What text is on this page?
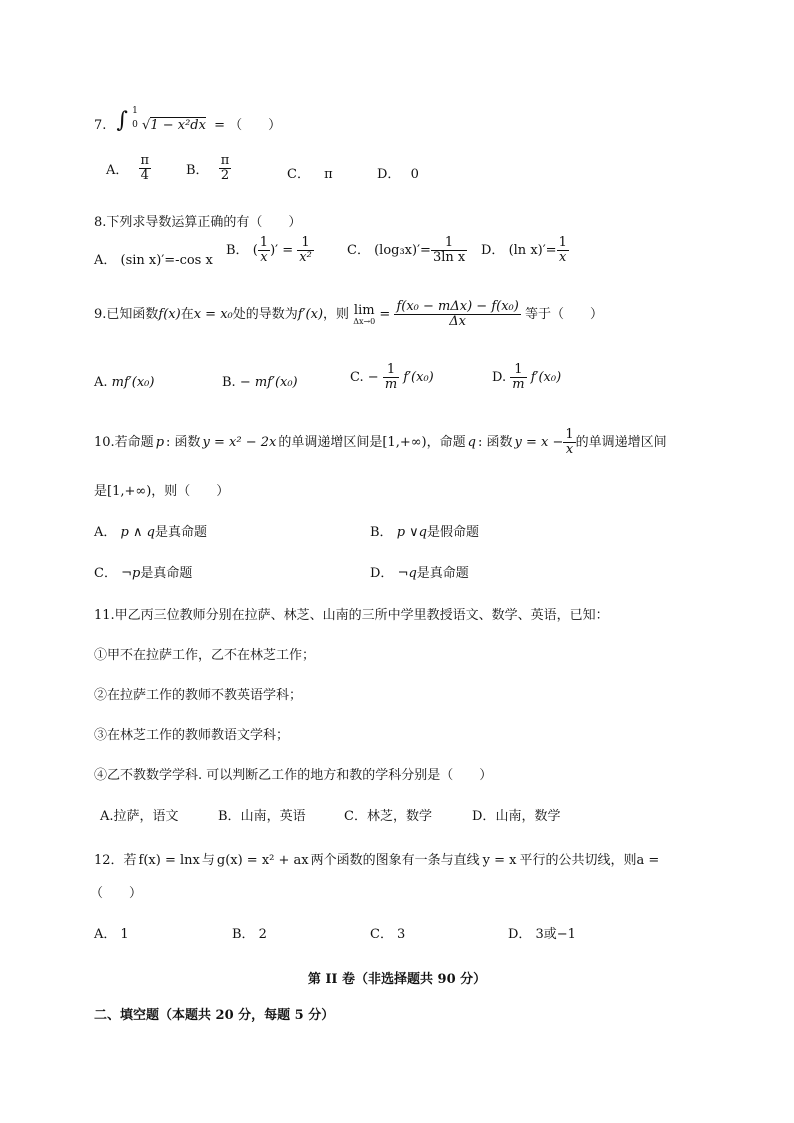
7. ∫ 1
0 √1 − x²dx = （　　）
A． $\frac{\pi}{4}$	B． $\frac{\pi}{2}$	C． π	D． 0
8.下列求导数运算正确的有（　　）
A． (sin x)′=-cos x
B． ( $\frac{1}{x}$ )′ = $\frac{1}{\text{x²}}$	C． $(\log_3x)'= \frac{1}{\text{3ln x}}$ D． (ln $x)'= \frac{1}{x}$
9.已知函数f(x)在x = x₀处的导数为f′(x)，则 lim
$\Delta x\to 0 = \frac{\text{f(x₀ − mΔx) − f(x₀)}}{\Delta x}$ 等于（　　）
A. mf′(x₀)	B. − mf′(x₀)	C. − $\frac{1}{m} f'(x_0)$	D. $\frac{1}{m} f'(x_0)$
10.若命题 p : 函数 y = x² − 2x 的单调递增区间是[1,+∞)，命题 q : 函数 $y = x - \frac{1}{x}$ 的单调递增区间
是[1,+∞)，则（　　）
A． p ∧ q是真命题	B． p ∨q是假命题
C． ¬p是真命题	D． ¬q是真命题
11.甲乙丙三位教师分别在拉萨、林芝、山南的三所中学里教授语文、数学、英语，已知：
①甲不在拉萨工作，乙不在林芝工作；
②在拉萨工作的教师不教英语学科；
③在林芝工作的教师教语文学科；
④乙不教数学学科. 可以判断乙工作的地方和教的学科分别是（　　）
A.拉萨，语文	B．山南，英语	C．林芝，数学	D．山南，数学
12．若 f(x) = lnx 与 g(x) = x² + ax 两个函数的图象有一条与直线 y = x 平行的公共切线，则a =
（　　）
A． 1	B． 2	C． 3	D． 3或−1
第 II 卷（非选择题共 90 分）
二、填空题（本题共 20 分，每题 5 分）
